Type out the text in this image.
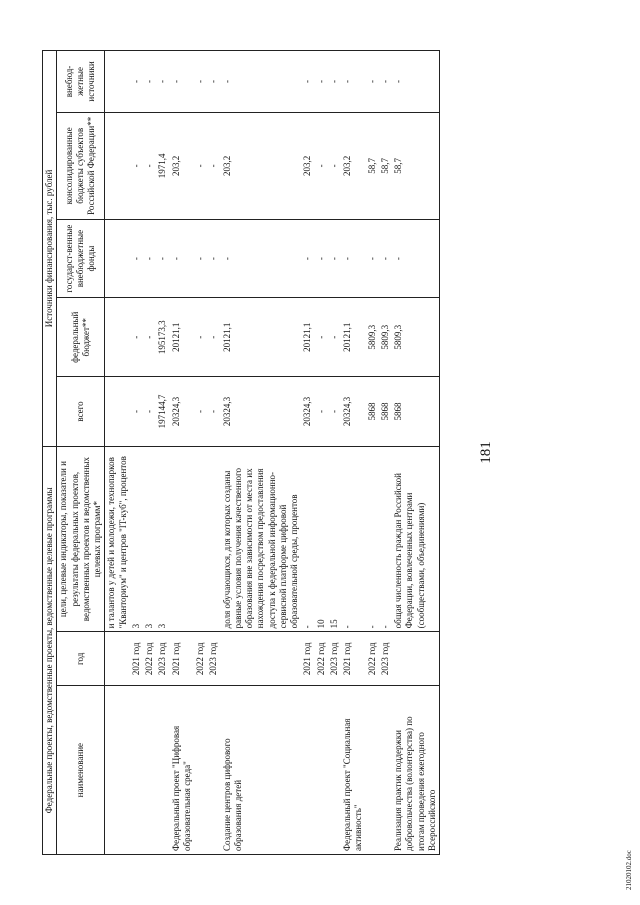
181
Федеральные проекты, ведомственные проекты, ведомственные целевые программы			Источники финансирования, тыс. рублей				
наименование	год	цели, целевые индикаторы, показатели и результаты федеральных проектов, ведомственных проектов и ведомственных целевых программ*	всего	федеральный бюджет**	государст-венные внебюджетные фонды	консолидированные бюджеты субъектов Российской Федерации**	внебюд-жетные источники
		и талантов у детей и молодежи, технопарков "Кванториум" и центров "IT-куб", процентов					
	2021 год	3	-	-	-	-	-
	2022 год	3	-	-	-	-	-
	2023 год	3	197144,7	195173,3	-	1971,4	-
Федеральный проект "Цифровая образовательная среда"	2021 год		20324,3	20121,1	-	203,2	-
	2022 год		-	-	-	-	-
	2023 год		-	-	-	-	-
Создание центров цифрового образования детей		доля обучающихся, для которых созданы равные условия получения качественного образования вне зависимости от места их нахождения посредством предоставления доступа к федеральной информационно-сервисной платформе цифровой образовательной среды, процентов	20324,3	20121,1	-	203,2	-
	2021 год	-	20324,3	20121,1	-	203,2	-
	2022 год	10	-	-	-	-	-
	2023 год	15	-	-	-	-	-
Федеральный проект "Социальная активность"	2021 год	-	20324,3	20121,1	-	203,2	-
	2022 год	-	5868	5809,3	-	58,7	-
	2023 год	-	5868	5809,3	-	58,7	-
Реализация практик поддержки добровольчества (волонтерства) по итогам проведения ежегодного Всероссийского		общая численность граждан Российской Федерации, вовлеченных центрами (сообществами, объединениями)	5868	5809,3	-	58,7	-
21020102.doc
